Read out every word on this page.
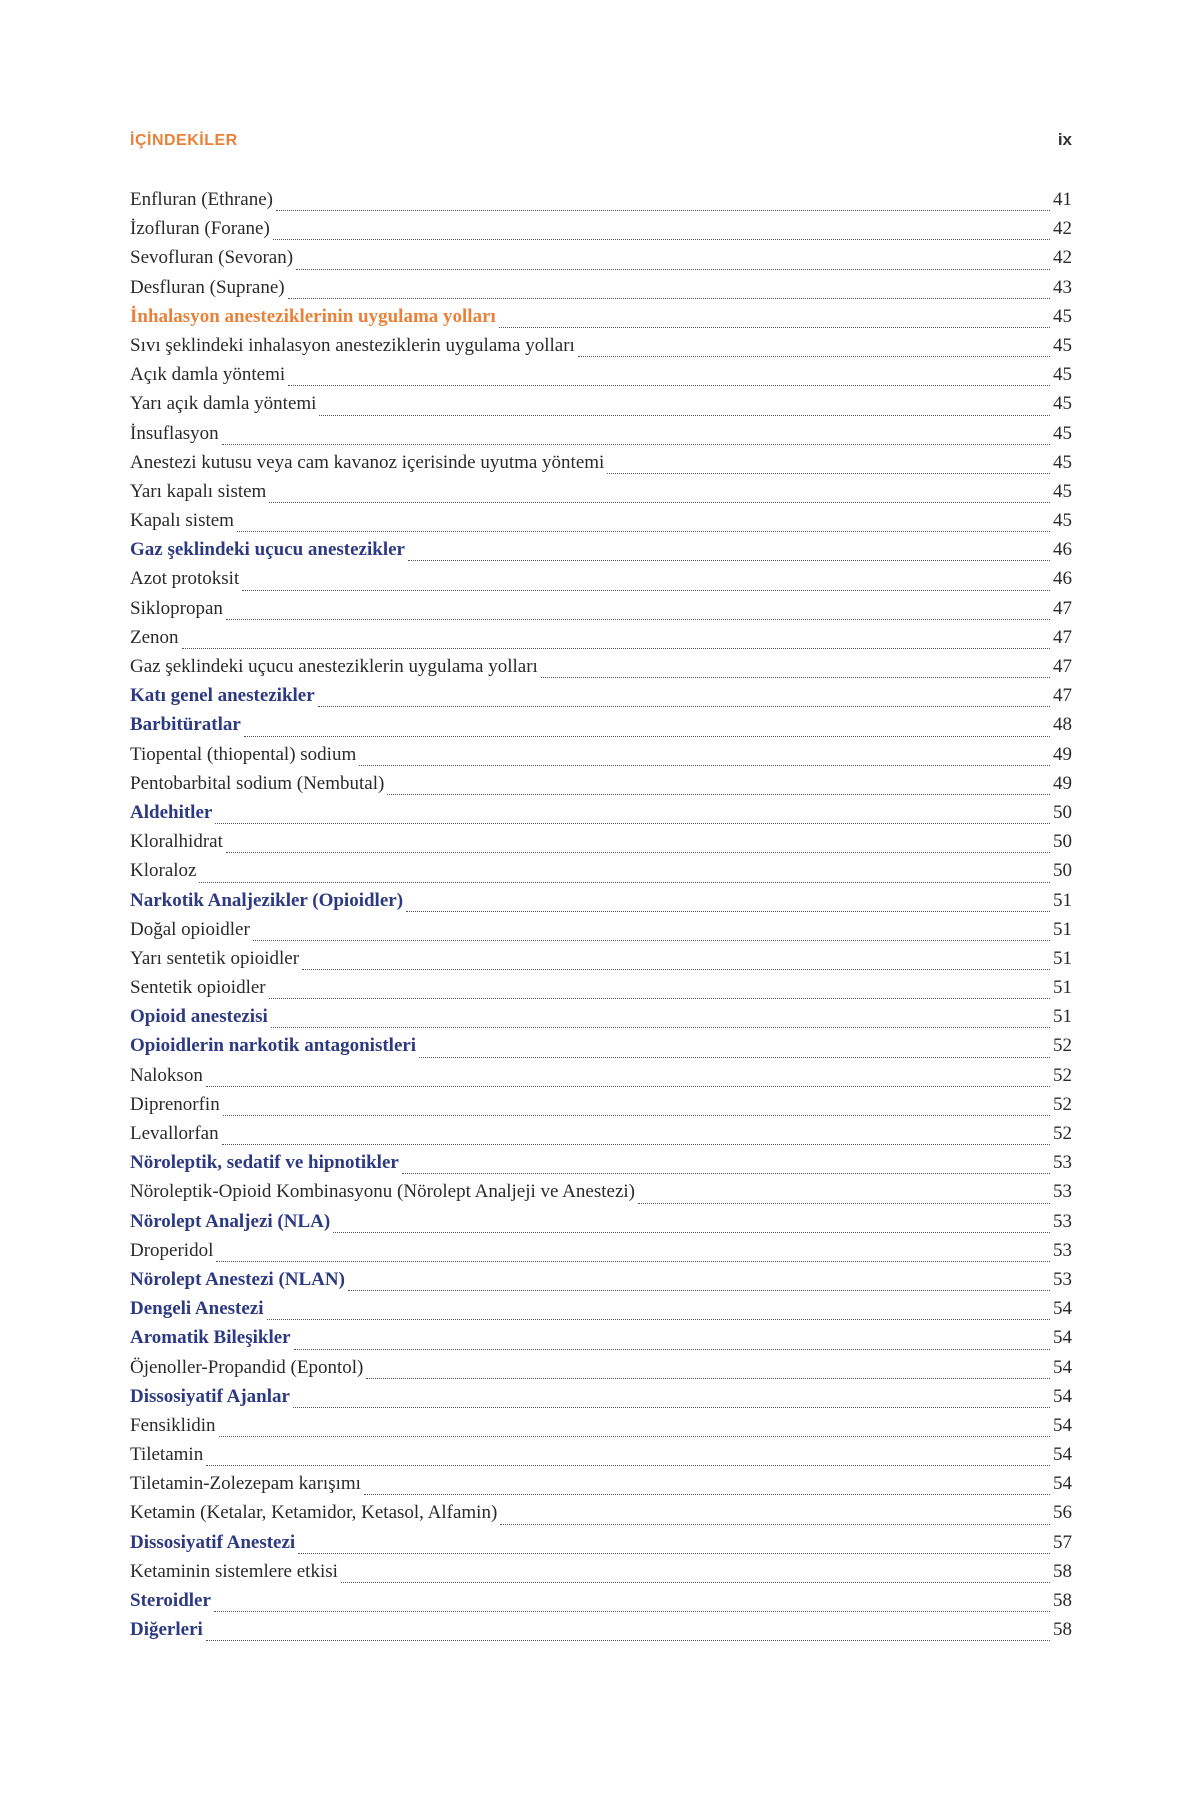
İÇİNDEKİLER	ix
Enfluran (Ethrane)	41
İzofluran (Forane)	42
Sevofluran (Sevoran)	42
Desfluran (Suprane)	43
İnhalasyon anesteziklerinin uygulama yolları	45
Sıvı şeklindeki inhalasyon anesteziklerin uygulama yolları	45
Açık damla yöntemi	45
Yarı açık damla yöntemi	45
İnsuflasyon	45
Anestezi kutusu veya cam kavanoz içerisinde uyutma yöntemi	45
Yarı kapalı sistem	45
Kapalı sistem	45
Gaz şeklindeki uçucu anestezikler	46
Azot protoksit	46
Siklopropan	47
Zenon	47
Gaz şeklindeki uçucu anesteziklerin uygulama yolları	47
Katı genel anestezikler	47
Barbitüratlar	48
Tiopental (thiopental) sodium	49
Pentobarbital sodium (Nembutal)	49
Aldehitler	50
Kloralhidrat	50
Kloraloz	50
Narkotik Analjezikler (Opioidler)	51
Doğal opioidler	51
Yarı sentetik opioidler	51
Sentetik opioidler	51
Opioid anestezisi	51
Opioidlerin narkotik antagonistleri	52
Nalokson	52
Diprenorfin	52
Levallorfan	52
Nöroleptik, sedatif ve hipnotikler	53
Nöroleptik-Opioid Kombinasyonu (Nörolept Analjeji ve Anestezi)	53
Nörolept Analjezi (NLA)	53
Droperidol	53
Nörolept Anestezi (NLAN)	53
Dengeli Anestezi	54
Aromatik Bileşikler	54
Öjenoller-Propandid (Epontol)	54
Dissosiyatif Ajanlar	54
Fensiklidin	54
Tiletamin	54
Tiletamin-Zolezepam karışımı	54
Ketamin (Ketalar, Ketamidor, Ketasol, Alfamin)	56
Dissosiyatif Anestezi	57
Ketaminin sistemlere etkisi	58
Steroidler	58
Diğerleri	58
